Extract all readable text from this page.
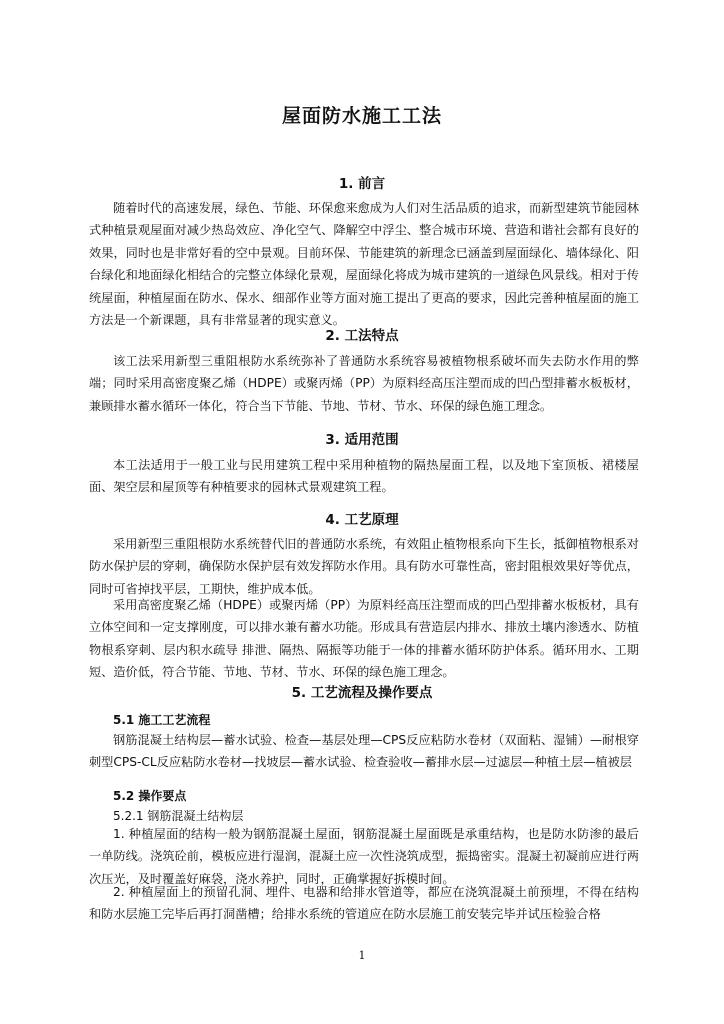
屋面防水施工工法
1. 前言

随着时代的高速发展，绿色、节能、环保愈来愈成为人们对生活品质的追求，而新型建筑节能园林式种植景观屋面对减少热岛效应、净化空气、降解空中浮尘、整合城市环境、营造和谐社会都有良好的效果，同时也是非常好看的空中景观。目前环保、节能建筑的新理念已涵盖到屋面绿化、墙体绿化、阳台绿化和地面绿化相结合的完整立体绿化景观，屋面绿化将成为城市建筑的一道绿色风景线。相对于传统屋面，种植屋面在防水、保水、细部作业等方面对施工提出了更高的要求，因此完善种植屋面的施工方法是一个新课题，具有非常显著的现实意义。

2. 工法特点

该工法采用新型三重阻根防水系统弥补了普通防水系统容易被植物根系破坏而失去防水作用的弊端；同时采用高密度聚乙烯（HDPE）或聚丙烯（PP）为原料经高压注塑而成的凹凸型排蓄水板板材，兼顾排水蓄水循环一体化，符合当下节能、节地、节材、节水、环保的绿色施工理念。

3. 适用范围

本工法适用于一般工业与民用建筑工程中采用种植物的隔热屋面工程，以及地下室顶板、裙楼屋面、架空层和屋顶等有种植要求的园林式景观建筑工程。

4. 工艺原理

采用新型三重阻根防水系统替代旧的普通防水系统，有效阻止植物根系向下生长，抵御植物根系对防水保护层的穿刺，确保防水保护层有效发挥防水作用。具有防水可靠性高，密封阻根效果好等优点，同时可省掉找平层，工期快，维护成本低。

采用高密度聚乙烯（HDPE）或聚丙烯（PP）为原料经高压注塑而成的凹凸型排蓄水板板材，具有立体空间和一定支撑刚度，可以排水兼有蓄水功能。形成具有营造层内排水、排放土壤内渗透水、防植物根系穿刺、层内积水疏导 排泄、隔热、隔振等功能于一体的排蓄水循环防护体系。循环用水、工期短、造价低，符合节能、节地、节材、节水、环保的绿色施工理念。

5. 工艺流程及操作要点
5.1 施工工艺流程

钢筋混凝土结构层—蓄水试验、检查—基层处理—CPS反应粘防水卷材（双面粘、湿铺）—耐根穿刺型CPS-CL反应粘防水卷材—找坡层—蓄水试验、检查验收—蓄排水层—过滤层—种植土层—植被层

5.2 操作要点
5.2.1 钢筋混凝土结构层

1. 种植屋面的结构一般为钢筋混凝土屋面，钢筋混凝土屋面既是承重结构，也是防水防渗的最后一单防线。浇筑砼前，模板应进行湿润，混凝土应一次性浇筑成型，振捣密实。混凝土初凝前应进行两次压光，及时覆盖好麻袋，浇水养护，同时，正确掌握好拆模时间。

2. 种植屋面上的预留孔洞、埋件、电器和给排水管道等，都应在浇筑混凝土前预埋，不得在结构和防水层施工完毕后再打洞凿槽；给排水系统的管道应在防水层施工前安装完毕并试压检验合格

1
